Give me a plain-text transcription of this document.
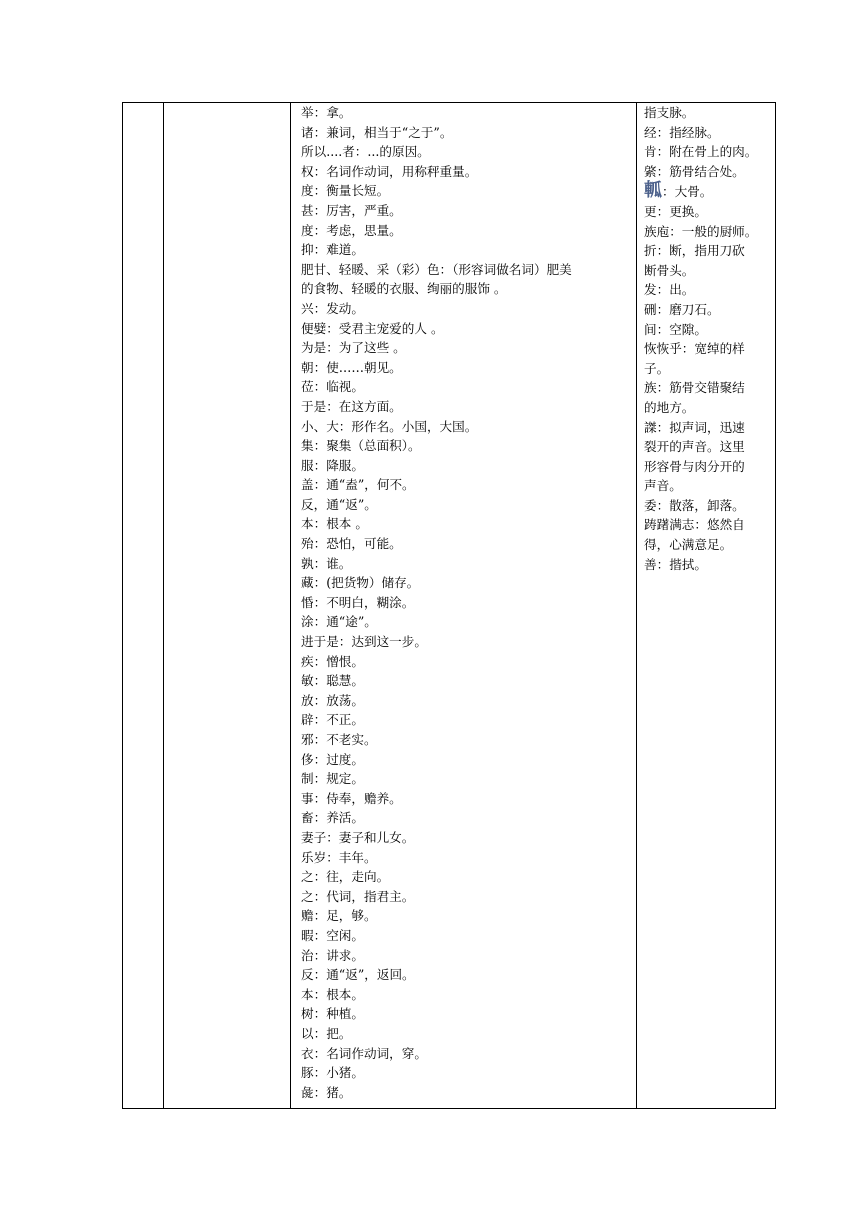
举：拿。
诸：兼词，相当于“之于”。
所以....者：...的原因。
权：名词作动词，用称秤重量。
度：衡量长短。
甚：厉害，严重。
度：考虑，思量。
抑：难道。
肥甘、轻暖、采（彩）色：（形容词做名词）肥美
的食物、轻暖的衣服、绚丽的服饰 。
兴：发动。
便嬖：受君主宠爱的人 。
为是：为了这些 。
朝：使……朝见。
莅：临视。
于是：在这方面。
小、大：形作名。小国，大国。
集：聚集（总面积）。
服：降服。
盖：通“盍”，何不。
反，通“返”。
本：根本 。
殆：恐怕，可能。
孰：谁。
藏：(把货物）储存。
惛：不明白，糊涂。
涂：通“途”。
进于是：达到这一步。
疾：憎恨。
敏：聪慧。
放：放荡。
辟：不正。
邪：不老实。
侈：过度。
制：规定。
事：侍奉，赡养。
畜：养活。
妻子：妻子和儿女。
乐岁：丰年。
之：往，走向。
之：代词，指君主。
赡：足，够。
暇：空闲。
治：讲求。
反：通“返”，返回。
本：根本。
树：种植。
以：把。
衣：名词作动词，穿。
豚：小猪。
彘：猪。
指支脉。
经：指经脉。
肯：附在骨上的肉。
綮：筋骨结合处。
軱：大骨。
更：更换。
族庖：一般的厨师。
折：断，指用刀砍
断骨头。
发：出。
硎：磨刀石。
间：空隙。
恢恢乎：宽绰的样
子。
族：筋骨交错聚结
的地方。
謋：拟声词，迅速
裂开的声音。这里
形容骨与肉分开的
声音。
委：散落，卸落。
踌躇满志：悠然自
得，心满意足。
善：揩拭。
